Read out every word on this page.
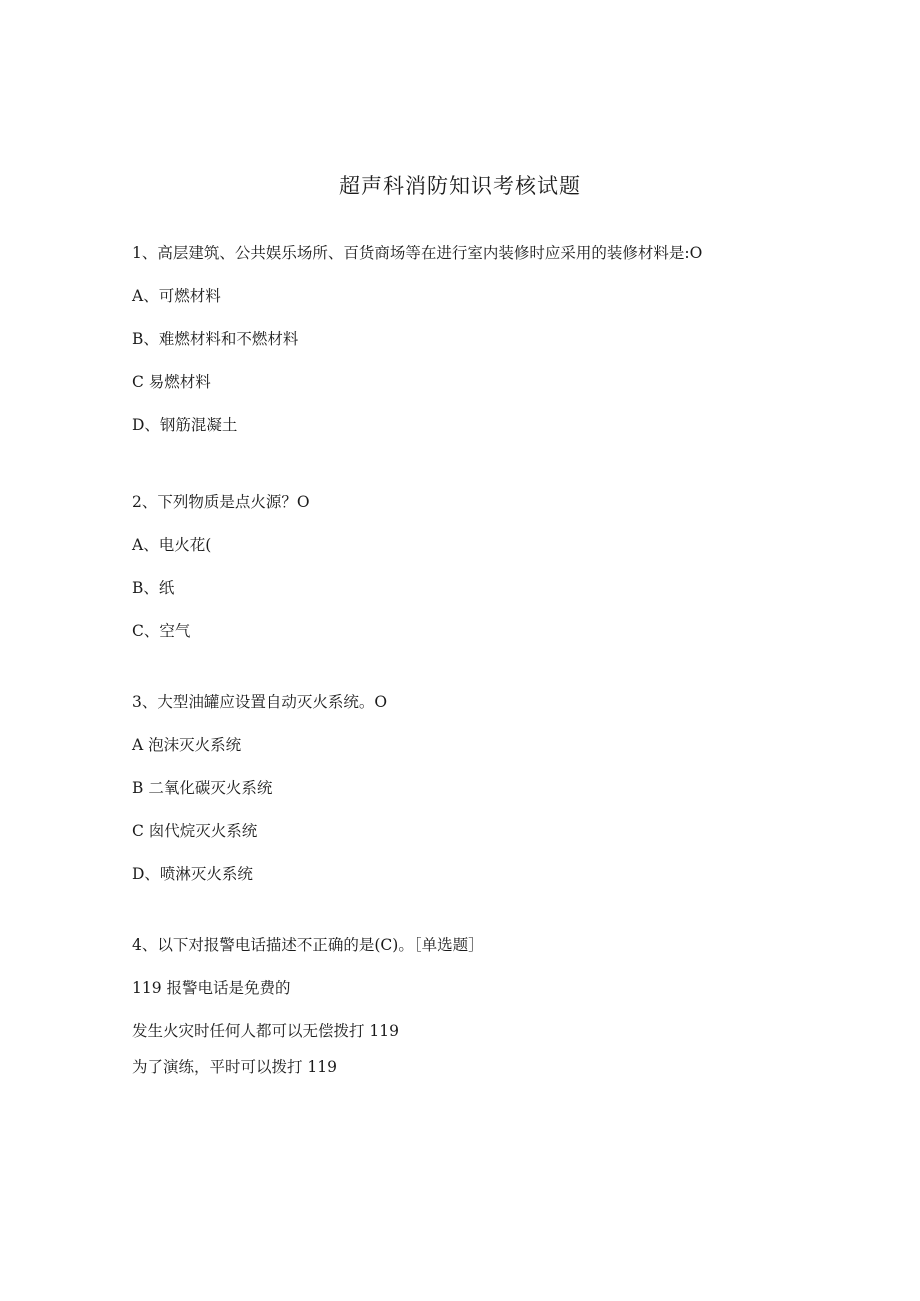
超声科消防知识考核试题
1、高层建筑、公共娱乐场所、百货商场等在进行室内装修时应采用的装修材料是:O
A、可燃材料
B、难燃材料和不燃材料
C 易燃材料
D、钢筋混凝土
2、下列物质是点火源？O
A、电火花(
B、纸
C、空气
3、大型油罐应设置自动灭火系统。O
A 泡沫灭火系统
B 二氧化碳灭火系统
C 囱代烷灭火系统
D、喷淋灭火系统
4、以下对报警电话描述不正确的是(C)。［单选题］
119 报警电话是免费的
发生火灾时任何人都可以无偿拨打 119
为了演练，平时可以拨打 119
